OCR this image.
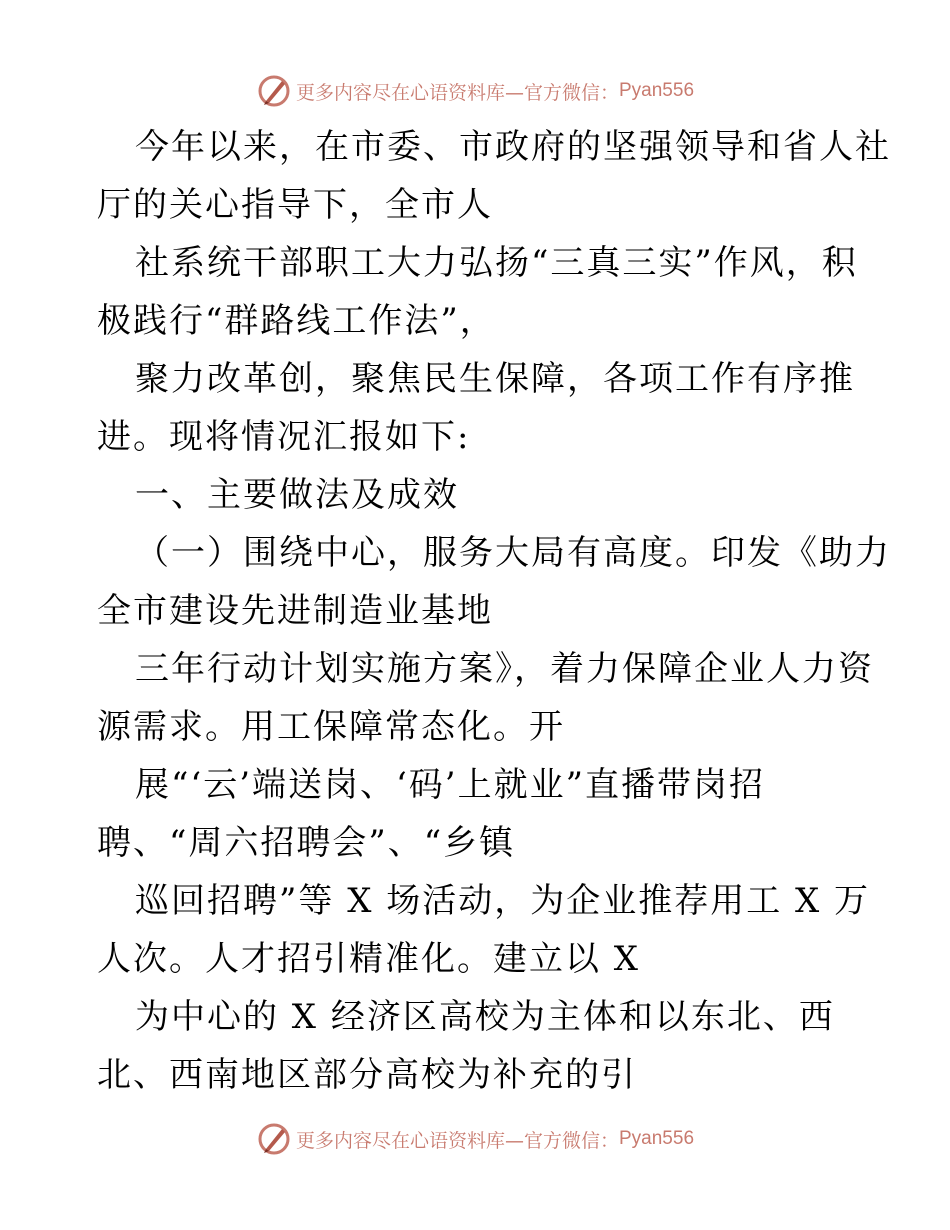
更多内容尽在心语资料库—官方微信： Pyan556
今年以来，在市委、市政府的坚强领导和省人社
厅的关心指导下，全市人
社系统干部职工大力弘扬“三真三实”作风，积
极践行“群路线工作法”，
聚力改革创，聚焦民生保障，各项工作有序推
进。现将情况汇报如下:
一、主要做法及成效
（一）围绕中心，服务大局有高度。印发《助力
全市建设先进制造业基地
三年行动计划实施方案》，着力保障企业人力资
源需求。用工保障常态化。开
展“‘云’端送岗、‘码’上就业”直播带岗招
聘、“周六招聘会”、“乡镇
巡回招聘”等 X 场活动，为企业推荐用工 X 万
人次。人才招引精准化。建立以 X
为中心的 X 经济区高校为主体和以东北、西
北、西南地区部分高校为补充的引
更多内容尽在心语资料库—官方微信： Pyan556
